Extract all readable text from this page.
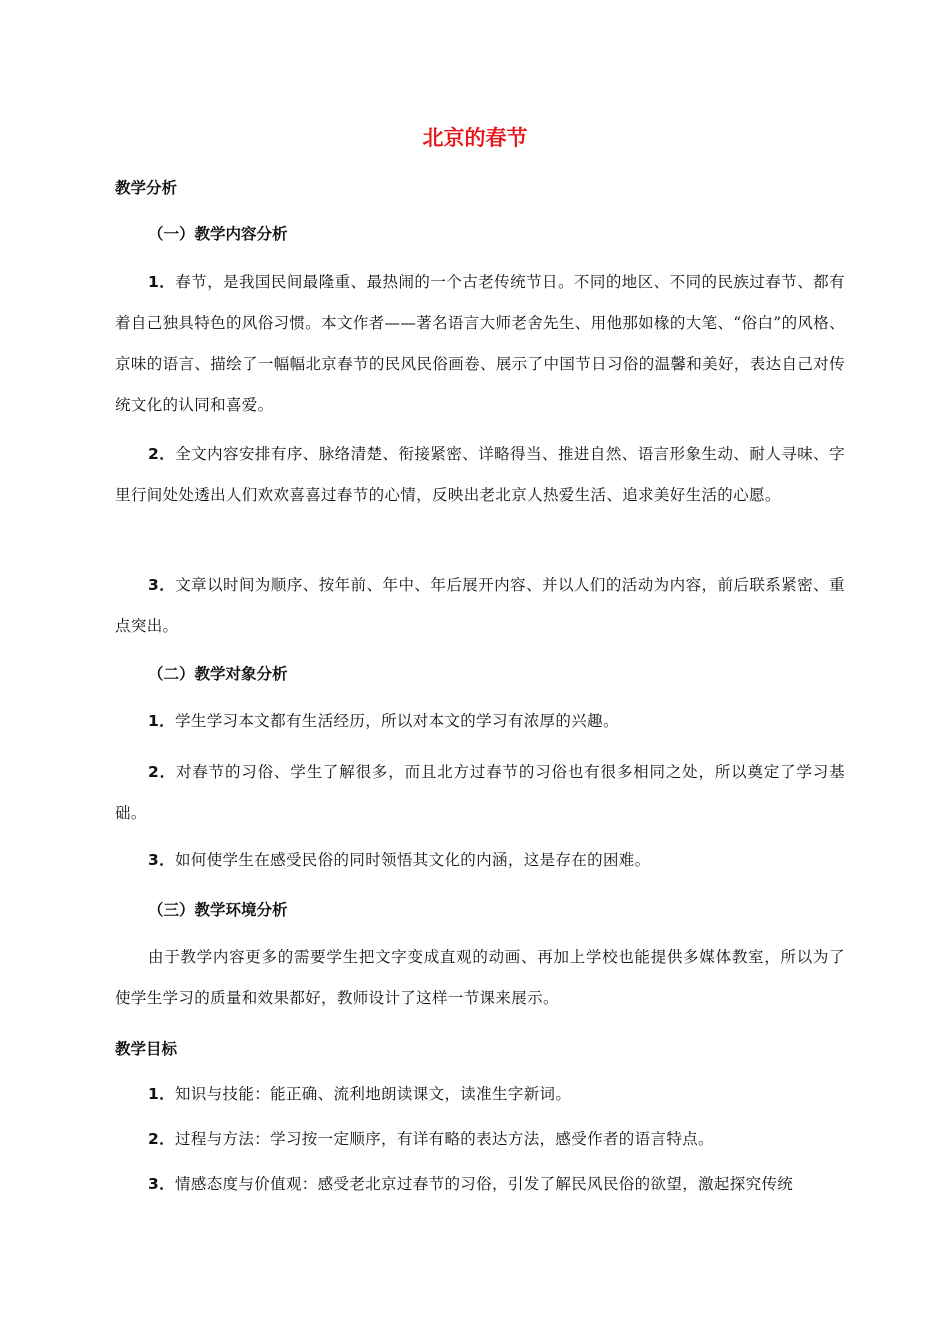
北京的春节
教学分析
（一）教学内容分析
1．春节，是我国民间最隆重、最热闹的一个古老传统节日。不同的地区、不同的民族过春节、都有着自己独具特色的风俗习惯。本文作者——著名语言大师老舍先生、用他那如椽的大笔、“俗白”的风格、京味的语言、描绘了一幅幅北京春节的民风民俗画卷、展示了中国节日习俗的温馨和美好，表达自己对传统文化的认同和喜爱。
2．全文内容安排有序、脉络清楚、衔接紧密、详略得当、推进自然、语言形象生动、耐人寻味、字里行间处处透出人们欢欢喜喜过春节的心情，反映出老北京人热爱生活、追求美好生活的心愿。
3．文章以时间为顺序、按年前、年中、年后展开内容、并以人们的活动为内容，前后联系紧密、重点突出。
（二）教学对象分析
1．学生学习本文都有生活经历，所以对本文的学习有浓厚的兴趣。
2．对春节的习俗、学生了解很多，而且北方过春节的习俗也有很多相同之处，所以奠定了学习基础。
3．如何使学生在感受民俗的同时领悟其文化的内涵，这是存在的困难。
（三）教学环境分析
由于教学内容更多的需要学生把文字变成直观的动画、再加上学校也能提供多媒体教室，所以为了使学生学习的质量和效果都好，教师设计了这样一节课来展示。
教学目标
1．知识与技能：能正确、流利地朗读课文，读准生字新词。
2．过程与方法：学习按一定顺序，有详有略的表达方法，感受作者的语言特点。
3．情感态度与价值观：感受老北京过春节的习俗，引发了解民风民俗的欲望，激起探究传统
